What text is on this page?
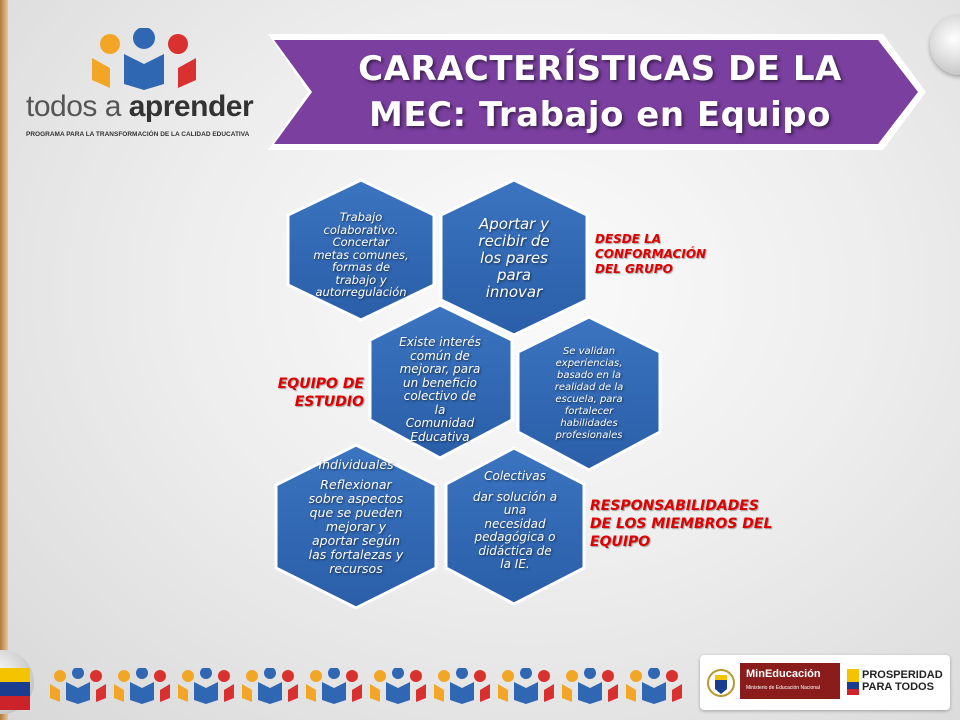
todos a aprender
PROGRAMA PARA LA TRANSFORMACIÓN DE LA CALIDAD EDUCATIVA
CARACTERÍSTICAS DE LA
MEC: Trabajo en Equipo
Trabajo
colaborativo.
Concertar
metas comunes,
formas de
trabajo y
autorregulación
Aportar y
recibir de
los pares
para
innovar
Existe interés
común de
mejorar, para
un beneficio
colectivo de
la
Comunidad
Educativa
Se validan
experiencias,
basado en la
realidad de la
escuela, para
fortalecer
habilidades
profesionales
Individuales
Reflexionar
sobre aspectos
que se pueden
mejorar y
aportar según
las fortalezas y
recursos
Colectivas
dar solución a
una
necesidad
pedagógica o
didáctica de
la IE.
DESDE LA
CONFORMACIÓN
DEL GRUPO
EQUIPO DE
ESTUDIO
RESPONSABILIDADES
DE LOS MIEMBROS DEL
EQUIPO
MinEducación
Ministerio de Educación Nacional
PROSPERIDAD
PARA TODOS
